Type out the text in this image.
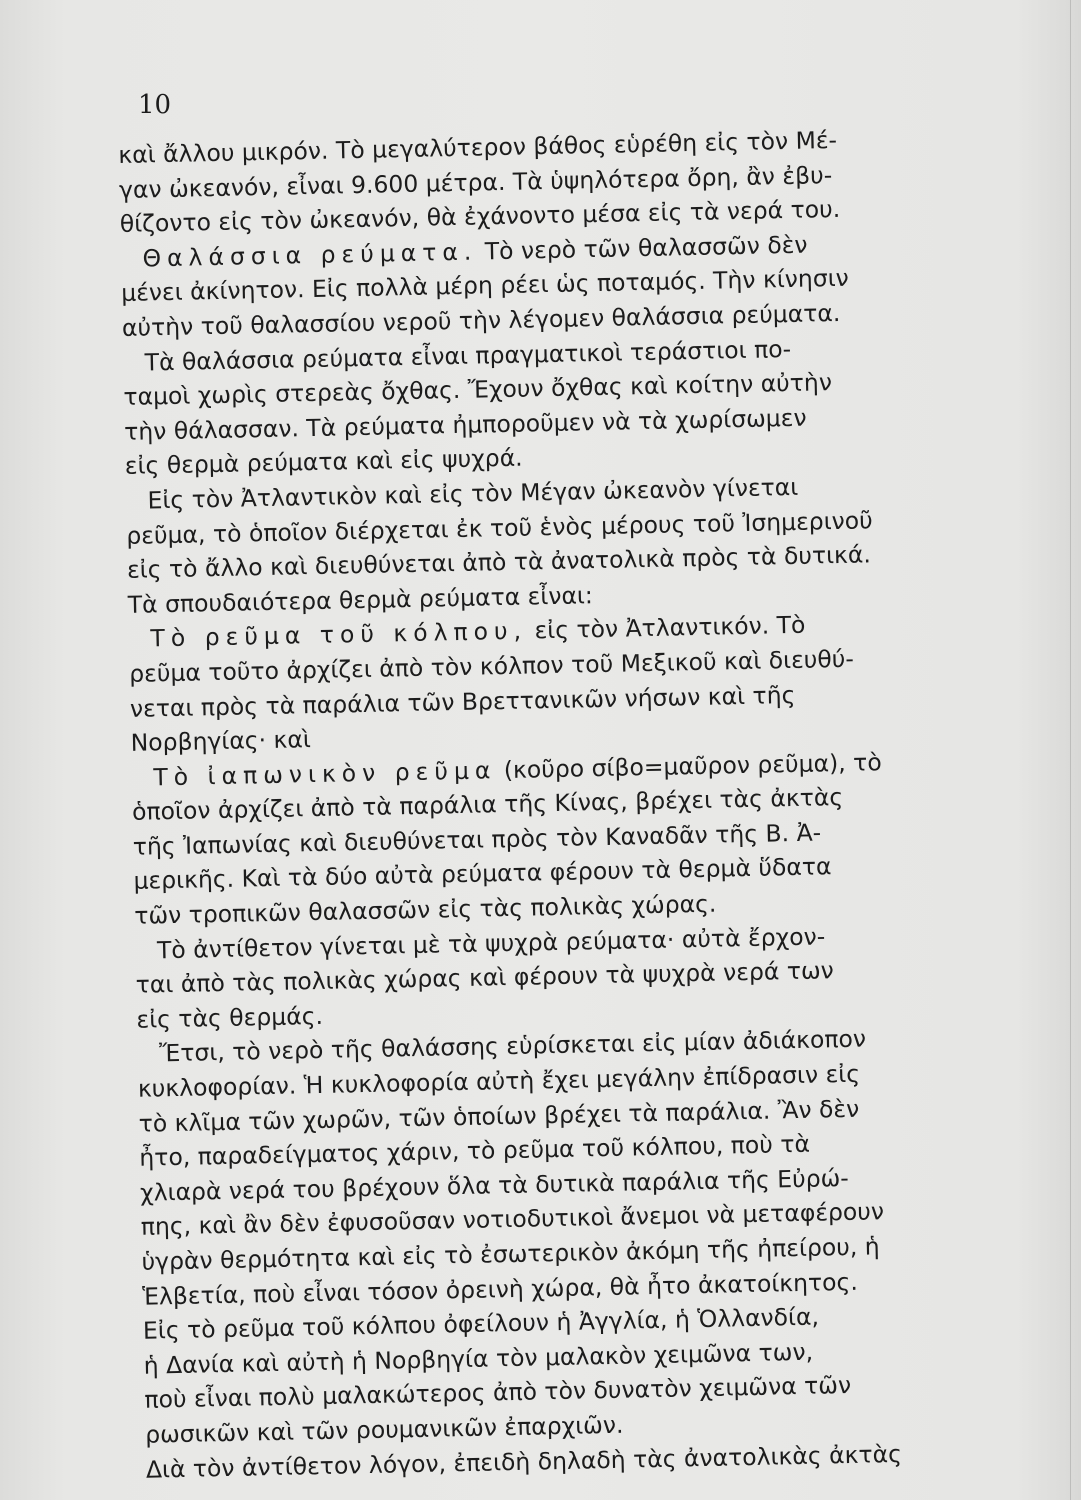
10
καὶ ἄλλου μικρόν. Τὸ μεγαλύτερον βάθος εὑρέθη εἰς τὸν Μέ-
γαν ὠκεανόν, εἶναι 9.600 μέτρα. Τὰ ὑψηλότερα ὄρη, ἂν ἐβυ-
θίζοντο εἰς τὸν ὠκεανόν, θὰ ἐχάνοντο μέσα εἰς τὰ νερά του.
Θαλάσσια ρεύματα. Τὸ νερὸ τῶν θαλασσῶν δὲν
μένει ἀκίνητον. Εἰς πολλὰ μέρη ρέει ὡς ποταμός. Τὴν κίνησιν
αὐτὴν τοῦ θαλασσίου νεροῦ τὴν λέγομεν θαλάσσια ρεύματα.
Τὰ θαλάσσια ρεύματα εἶναι πραγματικοὶ τεράστιοι πο-
ταμοὶ χωρὶς στερεὰς ὄχθας. Ἔχουν ὄχθας καὶ κοίτην αὐτὴν
τὴν θάλασσαν. Τὰ ρεύματα ἠμποροῦμεν νὰ τὰ χωρίσωμεν
εἰς θερμὰ ρεύματα καὶ εἰς ψυχρά.
Εἰς τὸν Ἀτλαντικὸν καὶ εἰς τὸν Μέγαν ὠκεανὸν γίνεται
ρεῦμα, τὸ ὁποῖον διέρχεται ἐκ τοῦ ἑνὸς μέρους τοῦ Ἰσημερινοῦ
εἰς τὸ ἄλλο καὶ διευθύνεται ἀπὸ τὰ ἀνατολικὰ πρὸς τὰ δυτικά.
Τὰ σπουδαιότερα θερμὰ ρεύματα εἶναι:
Τὸ ρεῦμα τοῦ κόλπου, εἰς τὸν Ἀτλαντικόν. Τὸ
ρεῦμα τοῦτο ἀρχίζει ἀπὸ τὸν κόλπον τοῦ Μεξικοῦ καὶ διευθύ-
νεται πρὸς τὰ παράλια τῶν Βρεττανικῶν νήσων καὶ τῆς
Νορβηγίας· καὶ
Τὸ ἰαπωνικὸν ρεῦμα (κοῦρο σίβο=μαῦρον ρεῦμα), τὸ
ὁποῖον ἀρχίζει ἀπὸ τὰ παράλια τῆς Κίνας, βρέχει τὰς ἀκτὰς
τῆς Ἰαπωνίας καὶ διευθύνεται πρὸς τὸν Καναδᾶν τῆς Β. Ἀ-
μερικῆς. Καὶ τὰ δύο αὐτὰ ρεύματα φέρουν τὰ θερμὰ ὕδατα
τῶν τροπικῶν θαλασσῶν εἰς τὰς πολικὰς χώρας.
Τὸ ἀντίθετον γίνεται μὲ τὰ ψυχρὰ ρεύματα· αὐτὰ ἔρχον-
ται ἀπὸ τὰς πολικὰς χώρας καὶ φέρουν τὰ ψυχρὰ νερά των
εἰς τὰς θερμάς.
Ἔτσι, τὸ νερὸ τῆς θαλάσσης εὑρίσκεται εἰς μίαν ἀδιάκοπον
κυκλοφορίαν. Ἡ κυκλοφορία αὐτὴ ἔχει μεγάλην ἐπίδρασιν εἰς
τὸ κλῖμα τῶν χωρῶν, τῶν ὁποίων βρέχει τὰ παράλια. Ἂν δὲν
ἦτο, παραδείγματος χάριν, τὸ ρεῦμα τοῦ κόλπου, ποὺ τὰ
χλιαρὰ νερά του βρέχουν ὅλα τὰ δυτικὰ παράλια τῆς Εὐρώ-
πης, καὶ ἂν δὲν ἐφυσοῦσαν νοτιοδυτικοὶ ἄνεμοι νὰ μεταφέρουν
ὑγρὰν θερμότητα καὶ εἰς τὸ ἐσωτερικὸν ἀκόμη τῆς ἠπείρου, ἡ
Ἑλβετία, ποὺ εἶναι τόσον ὀρεινὴ χώρα, θὰ ἦτο ἀκατοίκητος.
Εἰς τὸ ρεῦμα τοῦ κόλπου ὀφείλουν ἡ Ἀγγλία, ἡ Ὁλλανδία,
ἡ Δανία καὶ αὐτὴ ἡ Νορβηγία τὸν μαλακὸν χειμῶνα των,
ποὺ εἶναι πολὺ μαλακώτερος ἀπὸ τὸν δυνατὸν χειμῶνα τῶν
ρωσικῶν καὶ τῶν ρουμανικῶν ἐπαρχιῶν.
Διὰ τὸν ἀντίθετον λόγον, ἐπειδὴ δηλαδὴ τὰς ἀνατολικὰς ἀκτὰς
